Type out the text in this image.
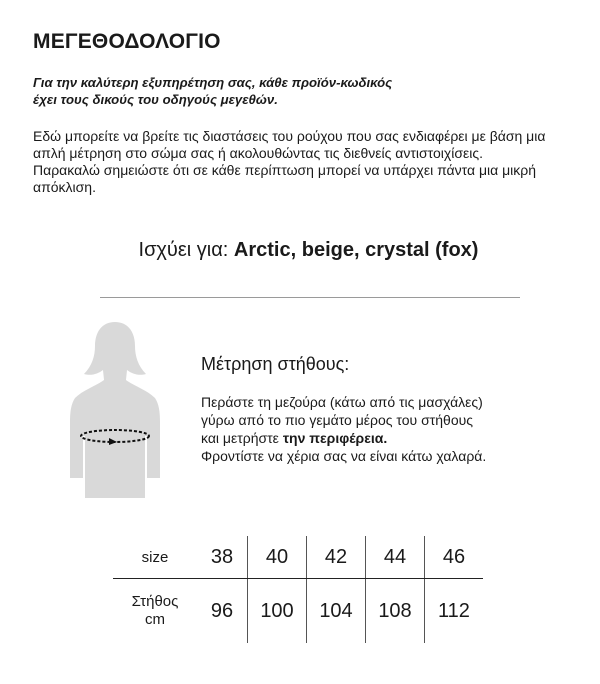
ΜΕΓΕΘΟΔΟΛΟΓΙΟ
Για την καλύτερη εξυπηρέτηση σας, κάθε προϊόν-κωδικός
έχει τους δικούς του οδηγούς μεγεθών.

Εδώ μπορείτε να βρείτε τις διαστάσεις του ρούχου που σας ενδιαφέρει με βάση μια απλή μέτρηση στο σώμα σας ή ακολουθώντας τις διεθνείς αντιστοιχίσεις.

Παρακαλώ σημειώστε ότι σε κάθε περίπτωση μπορεί να υπάρχει πάντα μια μικρή απόκλιση.

Ισχύει για: Arctic, beige, crystal (fox)
Μέτρηση στήθους:
Περάστε τη μεζούρα (κάτω από τις μασχάλες)
γύρω από το πιο γεμάτο μέρος του στήθους
και μετρήστε την περιφέρεια.
Φροντίστε να χέρια σας να είναι κάτω χαλαρά.
size	38	40	42	44	46

Στήθος
cm	96	100	104	108	112
